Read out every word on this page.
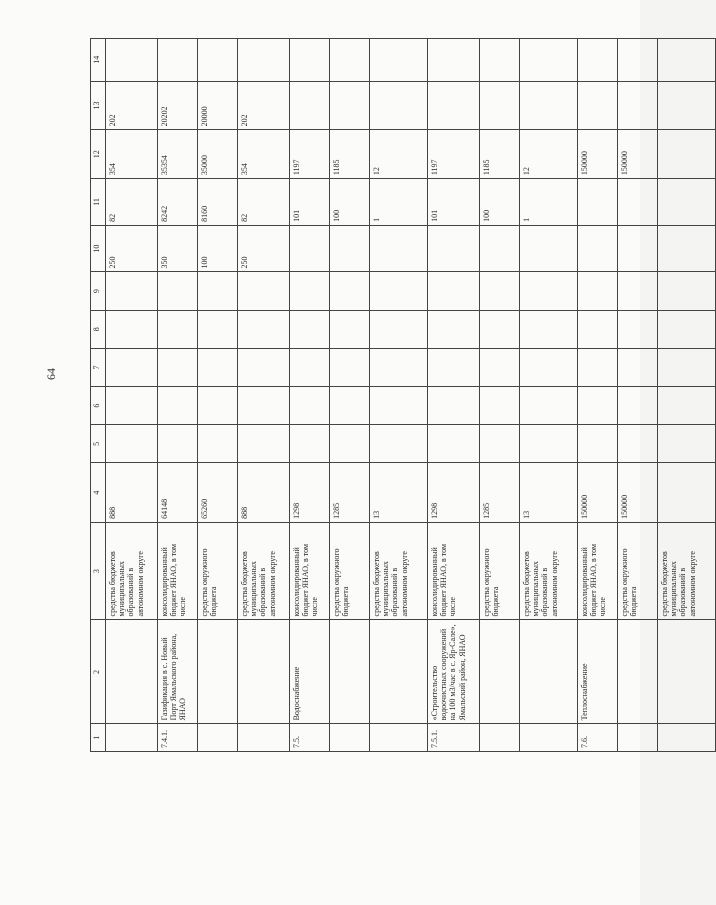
64
1	2	3	4	5	6	7	8	9	10	11	12	13	14
		средства бюджетов муниципальных образований в автономном округе	888						250	82	354	202	
7.4.1.	Газификация в с. Новый Порт Ямальского района, ЯНАО	консолидированный бюджет ЯНАО, в том числе	64148						350	8242	35354	20202	
		средства окружного бюджета	65260						100	8160	35000	20000	
		средства бюджетов муниципальных образований в автономном округе	888						250	82	354	202	
7.5.	Водоснабжение	консолидированный бюджет ЯНАО, в том числе	1298							101	1197		
		средства окружного бюджета	1285							100	1185		
		средства бюджетов муниципальных образований в автономном округе	13							1	12		
7.5.1.	«Строительство водоочистных сооружений на 100 м3/час в с. Яр-Сале», Ямальский район, ЯНАО	консолидированный бюджет ЯНАО, в том числе	1298							101	1197		
		средства окружного бюджета	1285							100	1185		
		средства бюджетов муниципальных образований в автономном округе	13							1	12		
7.6.	Теплоснабжение	консолидированный бюджет ЯНАО, в том числе	150000								150000		
		средства окружного бюджета	150000								150000		
		средства бюджетов муниципальных образований в автономном округе											
